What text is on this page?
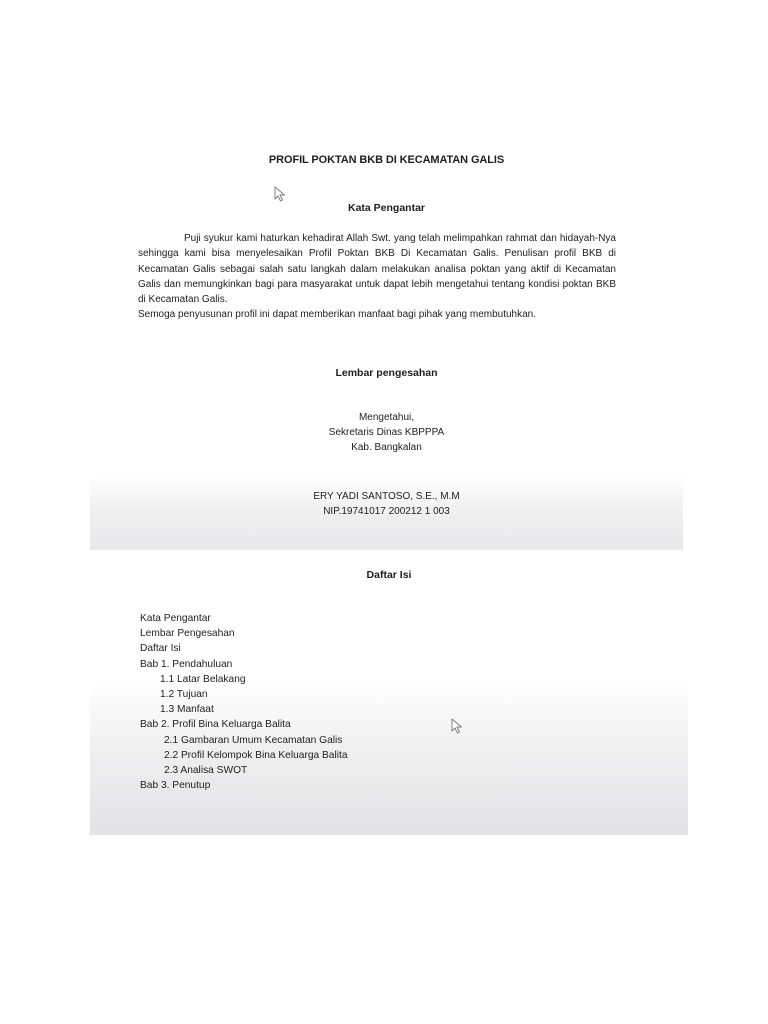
PROFIL POKTAN BKB DI KECAMATAN GALIS
Kata Pengantar

Puji syukur kami haturkan kehadirat Allah Swt. yang telah melimpahkan rahmat dan hidayah-Nya sehingga kami bisa menyelesaikan Profil Poktan BKB Di Kecamatan Galis. Penulisan profil BKB di Kecamatan Galis sebagai salah satu langkah dalam melakukan analisa poktan yang aktif di Kecamatan Galis dan memungkinkan bagi para masyarakat untuk dapat lebih mengetahui tentang kondisi poktan BKB di Kecamatan Galis.

Semoga penyusunan profil ini dapat memberikan manfaat bagi pihak yang membutuhkan.

Lembar pengesahan
Mengetahui,
Sekretaris Dinas KBPPPA
Kab. Bangkalan
ERY YADI SANTOSO, S.E., M.M
NIP.19741017 200212 1 003
Daftar Isi
Kata Pengantar
Lembar Pengesahan
Daftar Isi
Bab 1. Pendahuluan
1.1 Latar Belakang
1.2 Tujuan
1.3 Manfaat
Bab 2. Profil Bina Keluarga Balita
2.1 Gambaran Umum Kecamatan Galis
2.2 Profil Kelompok Bina Keluarga Balita
2.3 Analisa SWOT
Bab 3. Penutup
